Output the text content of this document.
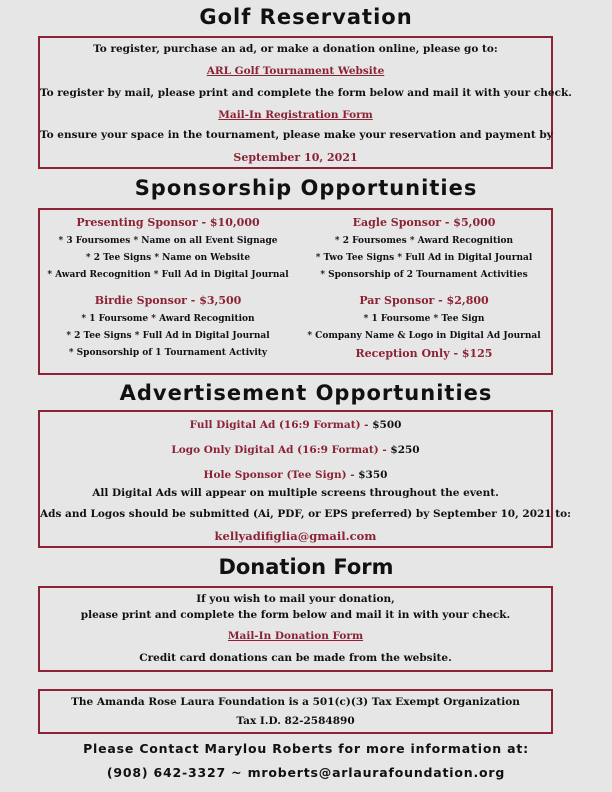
Golf Reservation
To register, purchase an ad, or make a donation online, please go to:
ARL Golf Tournament Website
To register by mail, please print and complete the form below and mail it with your check.
Mail-In Registration Form
To ensure your space in the tournament, please make your reservation and payment by
September 10, 2021
Sponsorship Opportunities
Presenting Sponsor - $10,000
* 3 Foursomes * Name on all Event Signage
* 2 Tee Signs * Name on Website
* Award Recognition * Full Ad in Digital Journal
Birdie Sponsor - $3,500
* 1 Foursome * Award Recognition
* 2 Tee Signs * Full Ad in Digital Journal
* Sponsorship of 1 Tournament Activity
Eagle Sponsor - $5,000
* 2 Foursomes * Award Recognition
* Two Tee Signs * Full Ad in Digital Journal
* Sponsorship of 2 Tournament Activities
Par Sponsor - $2,800
* 1 Foursome * Tee Sign
* Company Name & Logo in Digital Ad Journal
Reception Only - $125
Advertisement Opportunities
Full Digital Ad (16:9 Format) - $500
Logo Only Digital Ad (16:9 Format) - $250
Hole Sponsor (Tee Sign) - $350
All Digital Ads will appear on multiple screens throughout the event.
Ads and Logos should be submitted (Ai, PDF, or EPS preferred) by September 10, 2021 to:
kellyadifiglia@gmail.com
Donation Form
If you wish to mail your donation,
please print and complete the form below and mail it in with your check.
Mail-In Donation Form
Credit card donations can be made from the website.
The Amanda Rose Laura Foundation is a 501(c)(3) Tax Exempt Organization
Tax I.D. 82-2584890
Please Contact Marylou Roberts for more information at:
(908) 642-3327 ~ mroberts@arlaurafoundation.org
